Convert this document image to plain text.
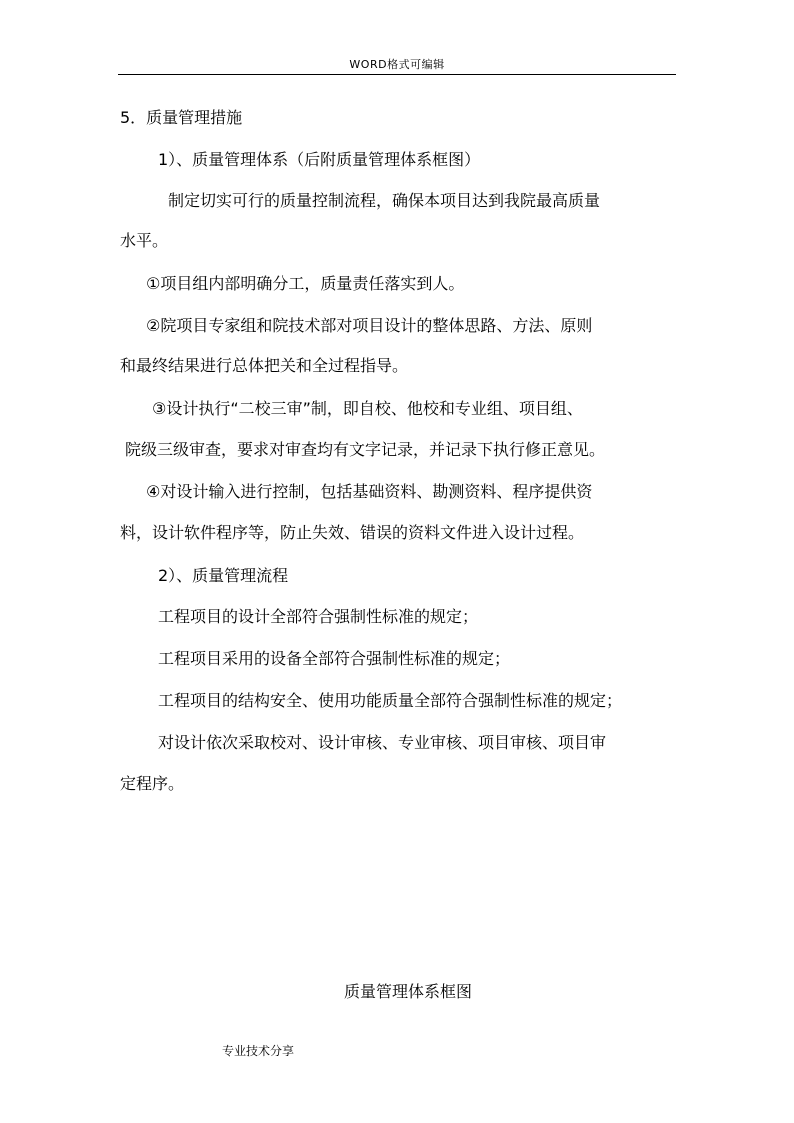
WORD格式可编辑
5．质量管理措施
1）、质量管理体系（后附质量管理体系框图）
制定切实可行的质量控制流程，确保本项目达到我院最高质量
水平。
①项目组内部明确分工，质量责任落实到人。
②院项目专家组和院技术部对项目设计的整体思路、方法、原则
和最终结果进行总体把关和全过程指导。
③设计执行“二校三审”制，即自校、他校和专业组、项目组、
院级三级审查，要求对审查均有文字记录，并记录下执行修正意见。
④对设计输入进行控制，包括基础资料、勘测资料、程序提供资
料，设计软件程序等，防止失效、错误的资料文件进入设计过程。
2）、质量管理流程
工程项目的设计全部符合强制性标准的规定；
工程项目采用的设备全部符合强制性标准的规定；
工程项目的结构安全、使用功能质量全部符合强制性标准的规定；
对设计依次采取校对、设计审核、专业审核、项目审核、项目审
定程序。
质量管理体系框图
专业技术分享
